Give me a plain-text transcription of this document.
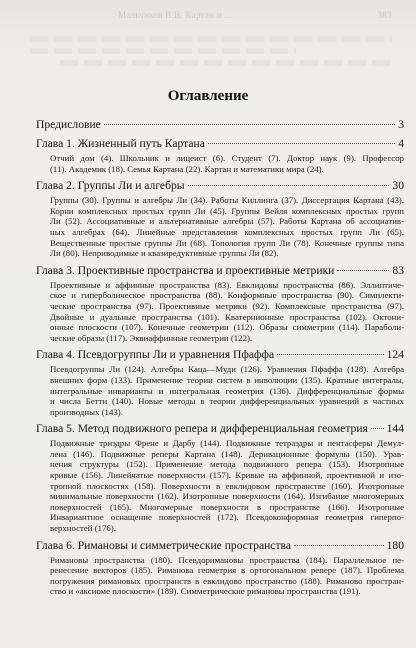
Мальчиков В.В. Картан и ...	383
Оглавление
Предисловие	3
Глава 1. Жизненный путь Картана	4
Отчий дом (4). Школьник и лицеист (6). Студент (7). Доктор наук (9). Профессор
(11). Академик (18). Семья Картана (22). Картан и математики мира (24).
Глава 2. Группы Ли и алгебры	30
Группы (30). Группы и алгебры Ли (34). Работы Киллинга (37). Диссертация Картана (43).
Корни комплексных простых групп Ли (45). Группы Вейля комплексных простых групп
Ли (52). Ассоциативные и альтернативные алгебры (57). Работы Картана об ассоциатив-
ных алгебрах (64). Линейные представления комплексных простых групп Ли (65).
Вещественные простые группы Ли (68). Топология групп Ли (78). Конечные группы типа
Ли (80). Неприводимые и квазиредуктивные группы Ли (82).
Глава 3. Проективные пространства и проективные метрики	83
Проективные и аффинные пространства (83). Евклидовы пространства (86). Эллиптиче-
ское и гиперболическое пространства (88). Конформные пространства (90). Симплекти-
ческие пространства (97). Проективные метрики (92). Комплексные пространства (97).
Двойные и дуальные пространства (101). Кватернионные пространства (102). Октони-
онные плоскости (107). Конечные геометрии (112). Образы симметрии (114). Параболи-
ческие образы (117). Эквиаффинные геометрии (122).
Глава 4. Псевдогруппы Ли и уравнения Пфаффа	124
Псевдогруппы Ли (124). Алгебры Каца—Муди (126). Уравнения Пфаффа (128). Алгебра
внешних форм (133). Применение теории систем в инволюции (135). Кратные интегралы,
интегральные инварианты и интегральная геометрия (136). Дифференциальные формы
и числа Бетти (140). Новые методы в теории дифференциальных уравнений в частных
производных (143).
Глава 5. Метод подвижного репера и дифференциальная геометрия 144
Подвижные триэдры Френе и Дарбу (144). Подвижные тетраэдры и пентасферы Демул-
лена (146). Подвижные реперы Картана (148). Деривационные формулы (150). Урав-
нения структуры (152). Применение метода подвижного репера (153). Изотропные
кривые (156). Линейчатые поверхности (157). Кривые на аффинной, проективной и изо-
тропной плоскостях (158). Поверхности в евклидовом пространстве (160). Изотропные
минимальные поверхности (162). Изотропные поверхности (164). Изгибание многомерных
поверхностей (165). Многомерные поверхности в пространстве (166). Изотропные
Инвариантное оснащение поверхностей (172). Псевдоконформная геометрия гиперпо-
верхностей (176).
Глава 6. Римановы и симметрические пространства	180
Римановы пространства (180). Псевдоримановы пространства (184). Параллельное пе-
ренесение векторов (185). Риманова геометрия в ортогональном репере (187). Проблема
погружения римановых пространств в евклидово пространство (188). Риманово простран-
ство и «аксиоме плоскости» (189). Симметрические римановы пространства (191).
